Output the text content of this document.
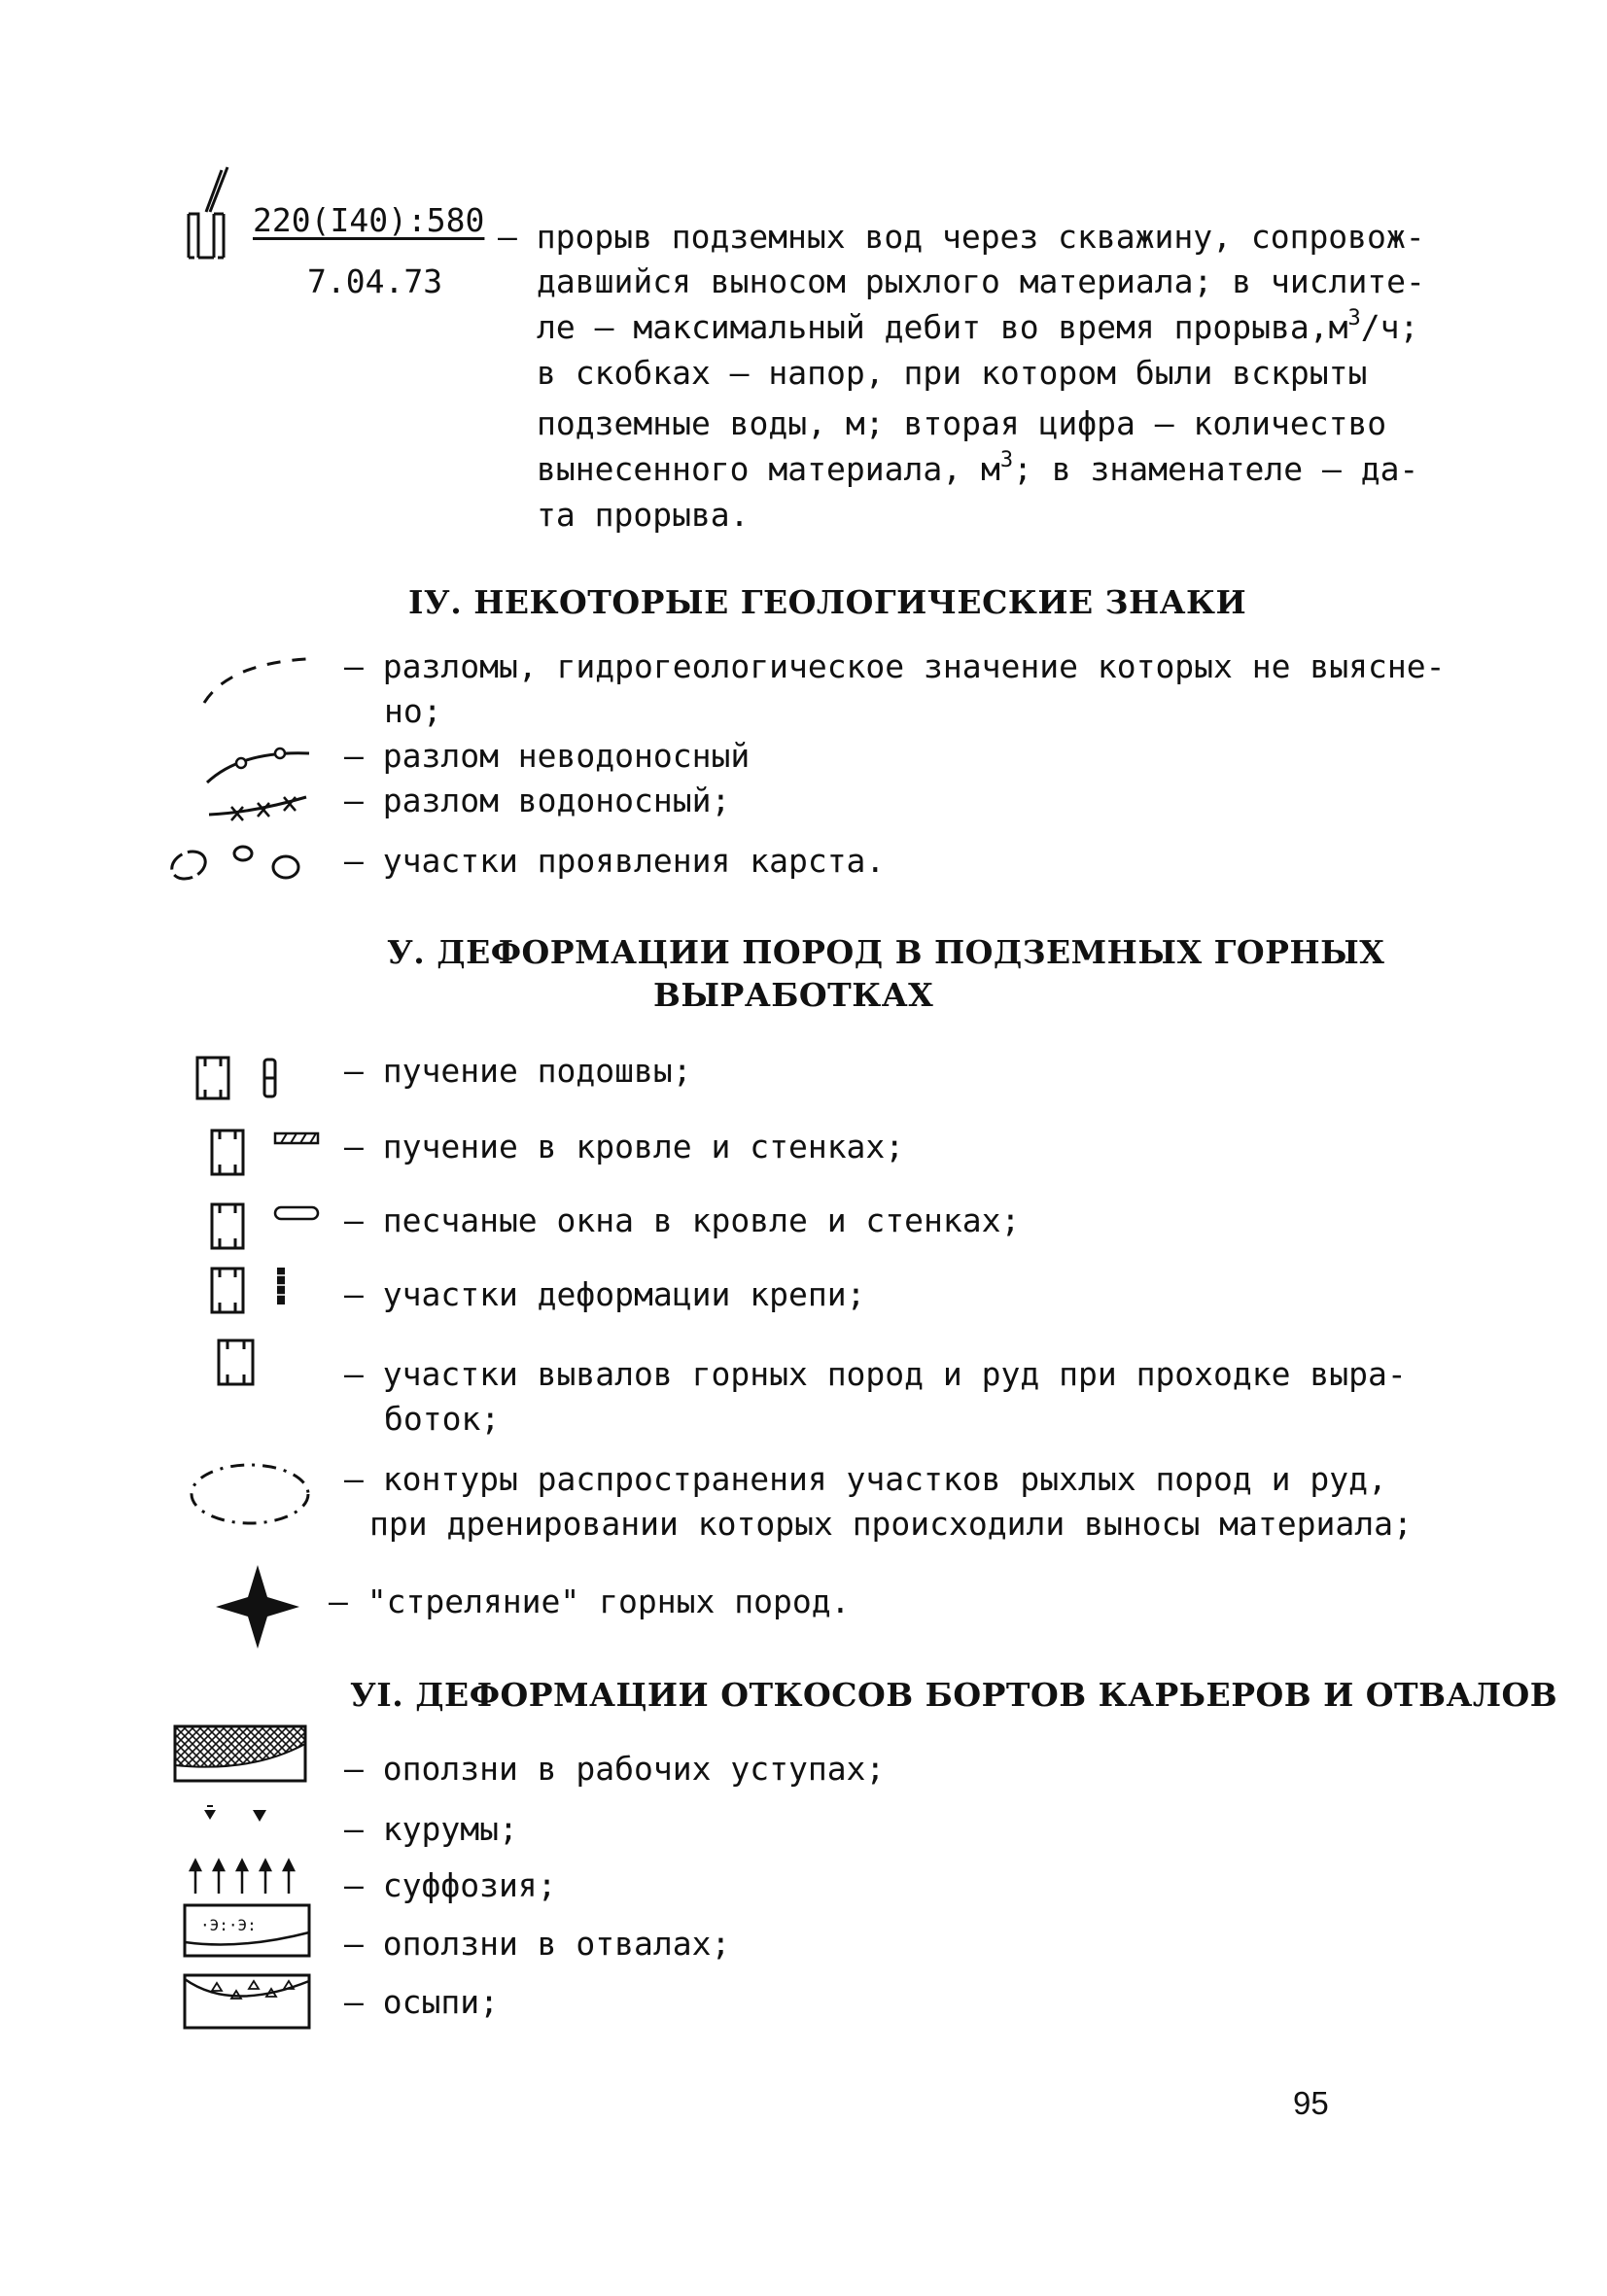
220(I40):580
7.04.73
– прорыв подземных вод через скважину, сопровож-
давшийся выносом рыхлого материала; в числите-
ле – максимальный дебит во время $прорыва,м^3/ч$;
в скобках – напор, при котором были вскрыты
подземные воды, м; вторая цифра – количество
вынесенного материала, $м^3$; в знаменателе – да-
та прорыва.
IУ. НЕКОТОРЫЕ ГЕОЛОГИЧЕСКИЕ ЗНАКИ
– разломы, гидрогеологическое значение которых не выясне-
но;
– разлом неводоносный
– разлом водоносный;
– участки проявления карста.
У. ДЕФОРМАЦИИ ПОРОД В ПОДЗЕМНЫХ ГОРНЫХ
ВЫРАБОТКАХ
– пучение подошвы;
– пучение в кровле и стенках;
– песчаные окна в кровле и стенках;
– участки деформации крепи;
– участки вывалов горных пород и руд при проходке выра-
боток;
– контуры распространения участков рыхлых пород и руд,
при дренировании которых происходили выносы материала;
– "стреляние" горных пород.
УI. ДЕФОРМАЦИИ ОТКОСОВ БОРТОВ КАРЬЕРОВ И ОТВАЛОВ
– оползни в рабочих уступах;
– курумы;
– суффозия;
·Э:·Э:	– оползни в отвалах;
– осыпи;
95
